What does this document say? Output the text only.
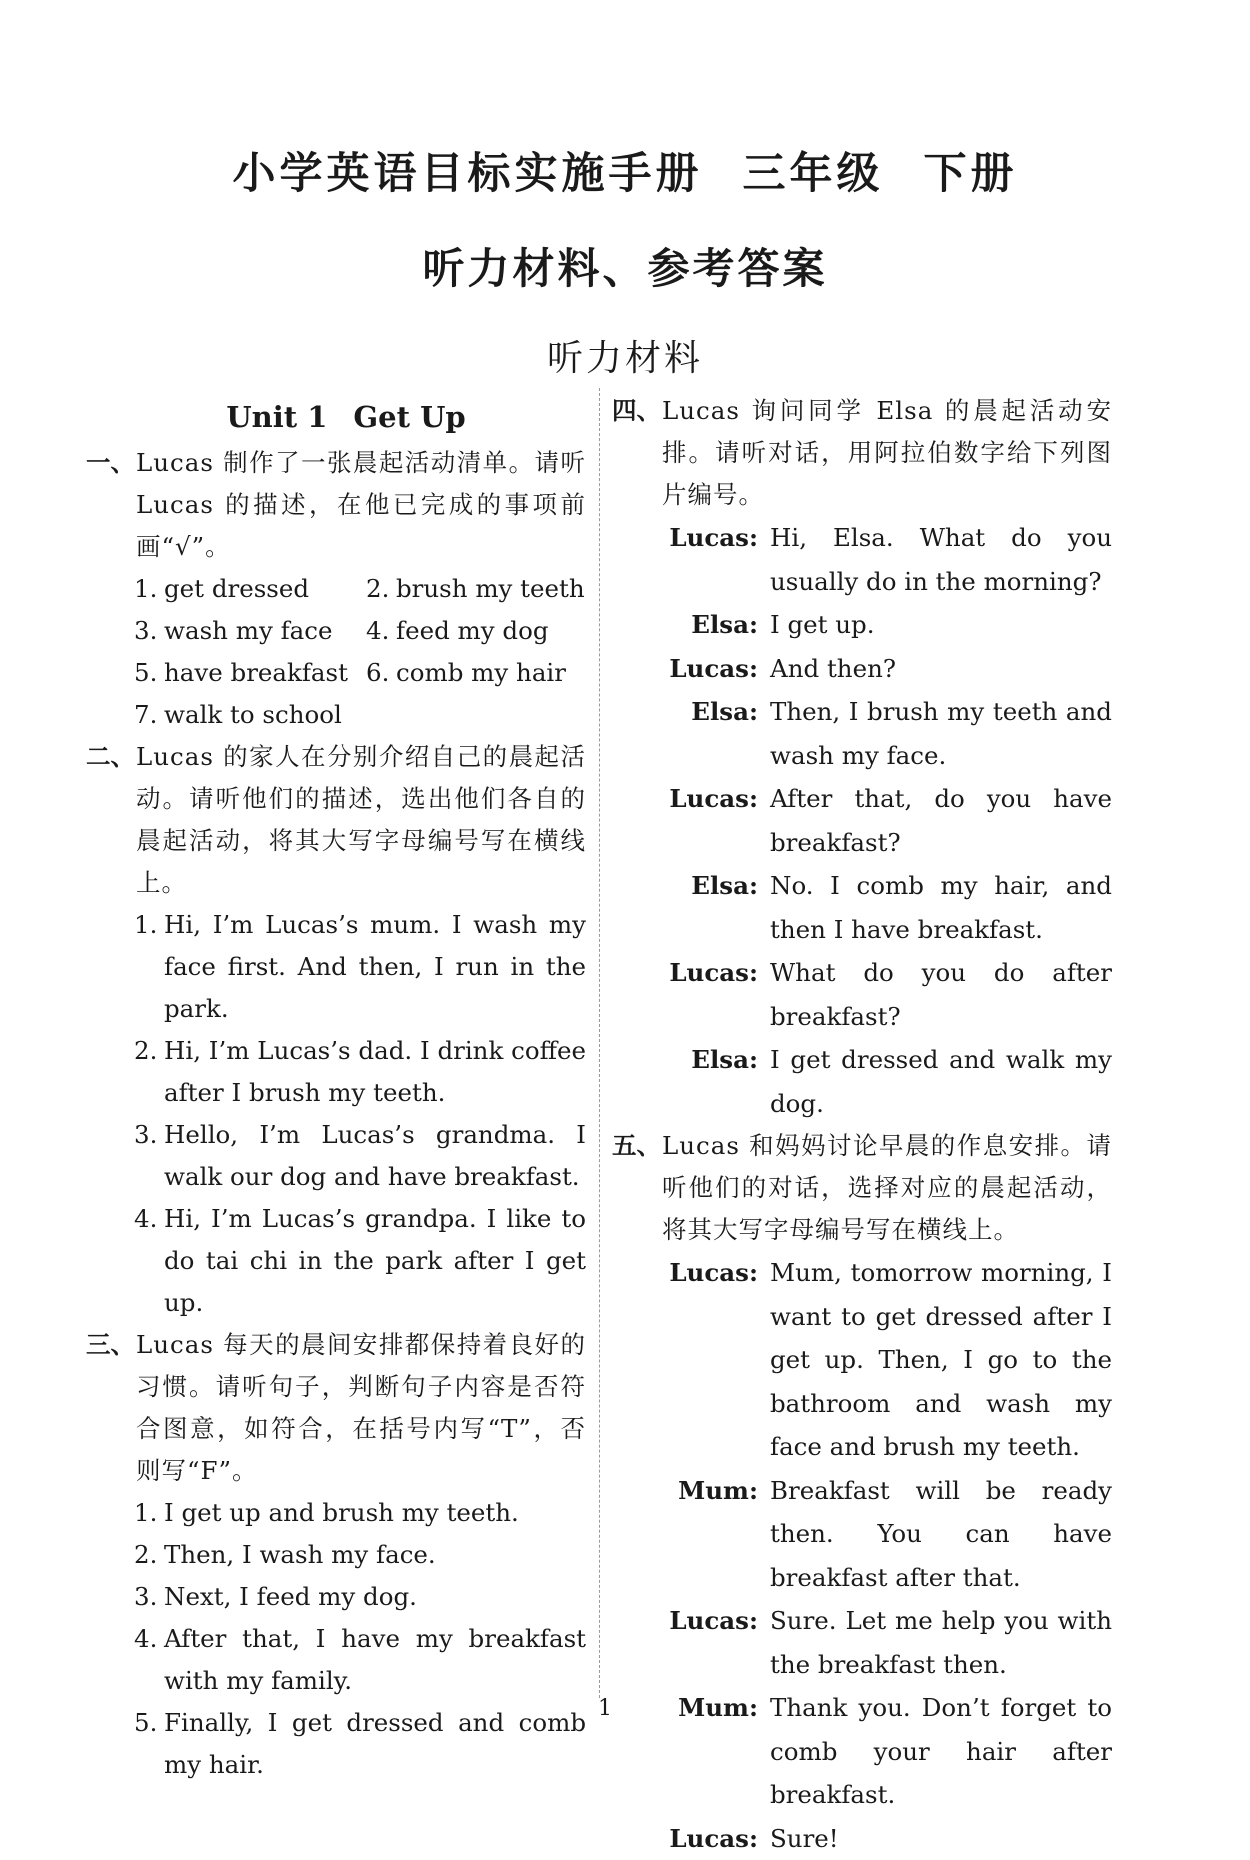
小学英语目标实施手册 三年级 下册
听力材料、参考答案
听力材料
Unit 1 Get Up
一、 Lucas 制作了一张晨起活动清单。请听 Lucas 的描述，在他已完成的事项前画“√”。
1. get dressed	2. brush my teeth
3. wash my face	4. feed my dog
5. have breakfast 6. comb my hair
7. walk to school
二、 Lucas 的家人在分别介绍自己的晨起活动。请听他们的描述，选出他们各自的晨起活动，将其大写字母编号写在横线上。
1. Hi, I’m Lucas’s mum. I wash my face first. And then, I run in the park.
2. Hi, I’m Lucas’s dad. I drink coffee after I brush my teeth.
3. Hello, I’m Lucas’s grandma. I walk our dog and have breakfast.
4. Hi, I’m Lucas’s grandpa. I like to do tai chi in the park after I get up.
三、 Lucas 每天的晨间安排都保持着良好的习惯。请听句子，判断句子内容是否符合图意，如符合，在括号内写“T”，否则写“F”。
1. I get up and brush my teeth.
2. Then, I wash my face.
3. Next, I feed my dog.
4. After that, I have my breakfast with my family.
5. Finally, I get dressed and comb my hair.
四、 Lucas 询问同学 Elsa 的晨起活动安排。请听对话，用阿拉伯数字给下列图片编号。
Lucas: Hi, Elsa. What do you usually do in the morning?
Elsa: I get up.
Lucas: And then?
Elsa: Then, I brush my teeth and wash my face.
Lucas: After that, do you have breakfast?
Elsa: No. I comb my hair, and then I have breakfast.
Lucas: What do you do after breakfast?
Elsa: I get dressed and walk my dog.
五、 Lucas 和妈妈讨论早晨的作息安排。请听他们的对话，选择对应的晨起活动，将其大写字母编号写在横线上。
Lucas: Mum, tomorrow morning, I want to get dressed after I get up. Then, I go to the bathroom and wash my face and brush my teeth.
Mum: Breakfast will be ready then. You can have breakfast after that.
Lucas: Sure. Let me help you with the breakfast then.
Mum: Thank you. Don’t forget to comb your hair after breakfast.
Lucas: Sure!
1
